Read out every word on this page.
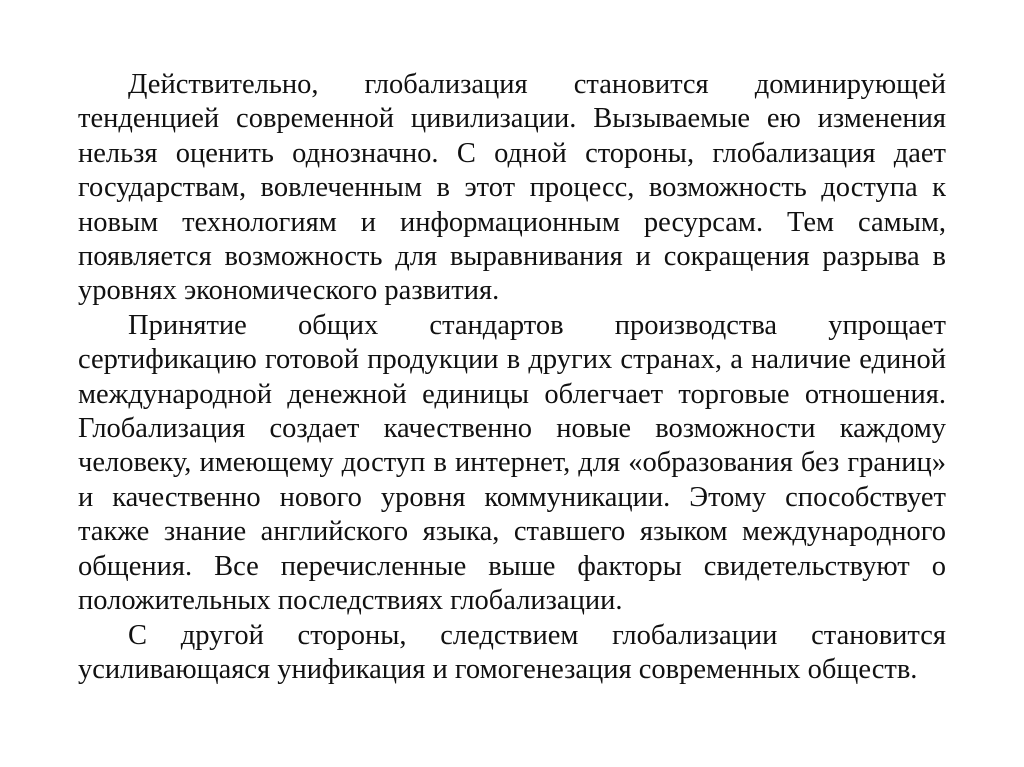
Действительно, глобализация становится доминирующей тенденцией современной цивилизации. Вызываемые ею изменения нельзя оценить однозначно. С одной стороны, глобализация дает государствам, вовлеченным в этот процесс, возможность доступа к новым технологиям и информационным ресурсам. Тем самым, появляется возможность для выравнивания и сокращения разрыва в уровнях экономического развития.

Принятие общих стандартов производства упрощает сертификацию готовой продукции в других странах, а наличие единой международной денежной единицы облегчает торговые отношения. Глобализация создает качественно новые возможности каждому человеку, имеющему доступ в интернет, для «образования без границ» и качественно нового уровня коммуникации. Этому способствует также знание английского языка, ставшего языком международного общения. Все перечисленные выше факторы свидетельствуют о положительных последствиях глобализации.

С другой стороны, следствием глобализации становится усиливающаяся унификация и гомогенезация современных обществ.
